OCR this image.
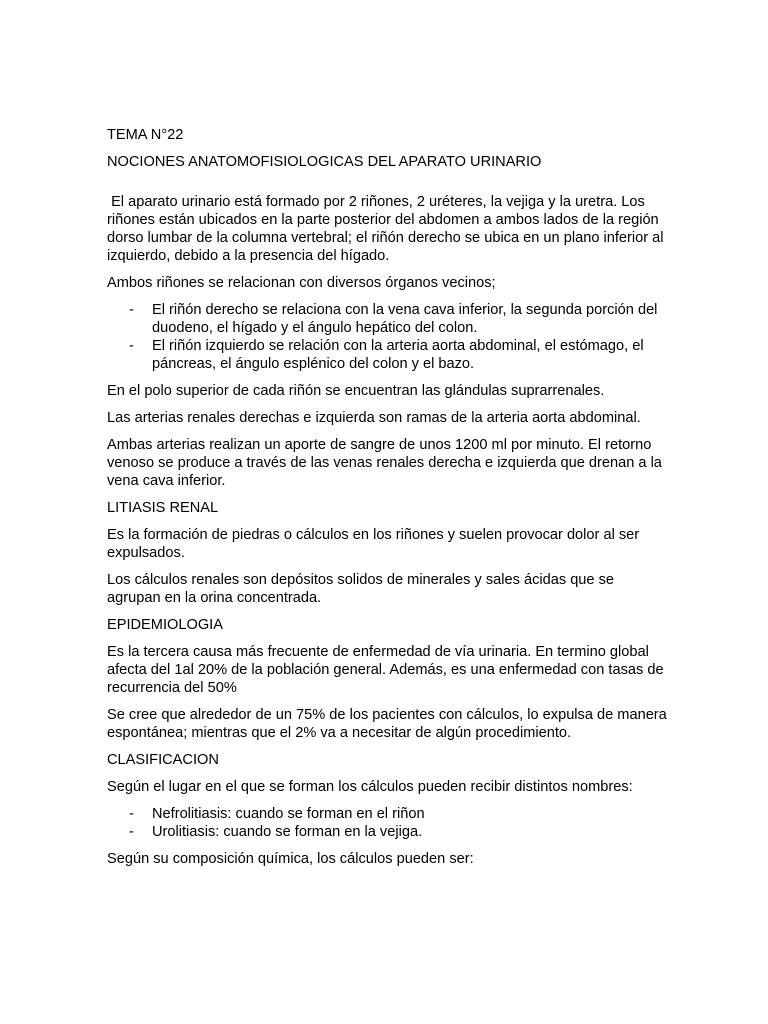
TEMA N°22

NOCIONES ANATOMOFISIOLOGICAS DEL APARATO URINARIO

El aparato urinario está formado por 2 riñones, 2 uréteres, la vejiga y la uretra. Los riñones están ubicados en la parte posterior del abdomen a ambos lados de la región dorso lumbar de la columna vertebral; el riñón derecho se ubica en un plano inferior al izquierdo, debido a la presencia del hígado.

Ambos riñones se relacionan con diversos órganos vecinos;

- El riñón derecho se relaciona con la vena cava inferior, la segunda porción del duodeno, el hígado y el ángulo hepático del colon.
- El riñón izquierdo se relación con la arteria aorta abdominal, el estómago, el páncreas, el ángulo esplénico del colon y el bazo.

En el polo superior de cada riñón se encuentran las glándulas suprarrenales.

Las arterias renales derechas e izquierda son ramas de la arteria aorta abdominal.

Ambas arterias realizan un aporte de sangre de unos 1200 ml por minuto. El retorno venoso se produce a través de las venas renales derecha e izquierda que drenan a la vena cava inferior.

LITIASIS RENAL

Es la formación de piedras o cálculos en los riñones y suelen provocar dolor al ser expulsados.

Los cálculos renales son depósitos solidos de minerales y sales ácidas que se agrupan en la orina concentrada.

EPIDEMIOLOGIA

Es la tercera causa más frecuente de enfermedad de vía urinaria. En termino global afecta del 1al 20% de la población general. Además, es una enfermedad con tasas de recurrencia del 50%

Se cree que alrededor de un 75% de los pacientes con cálculos, lo expulsa de manera espontánea; mientras que el 2% va a necesitar de algún procedimiento.

CLASIFICACION

Según el lugar en el que se forman los cálculos pueden recibir distintos nombres:

- Nefrolitiasis: cuando se forman en el riñon
- Urolitiasis: cuando se forman en la vejiga.

Según su composición química, los cálculos pueden ser:
